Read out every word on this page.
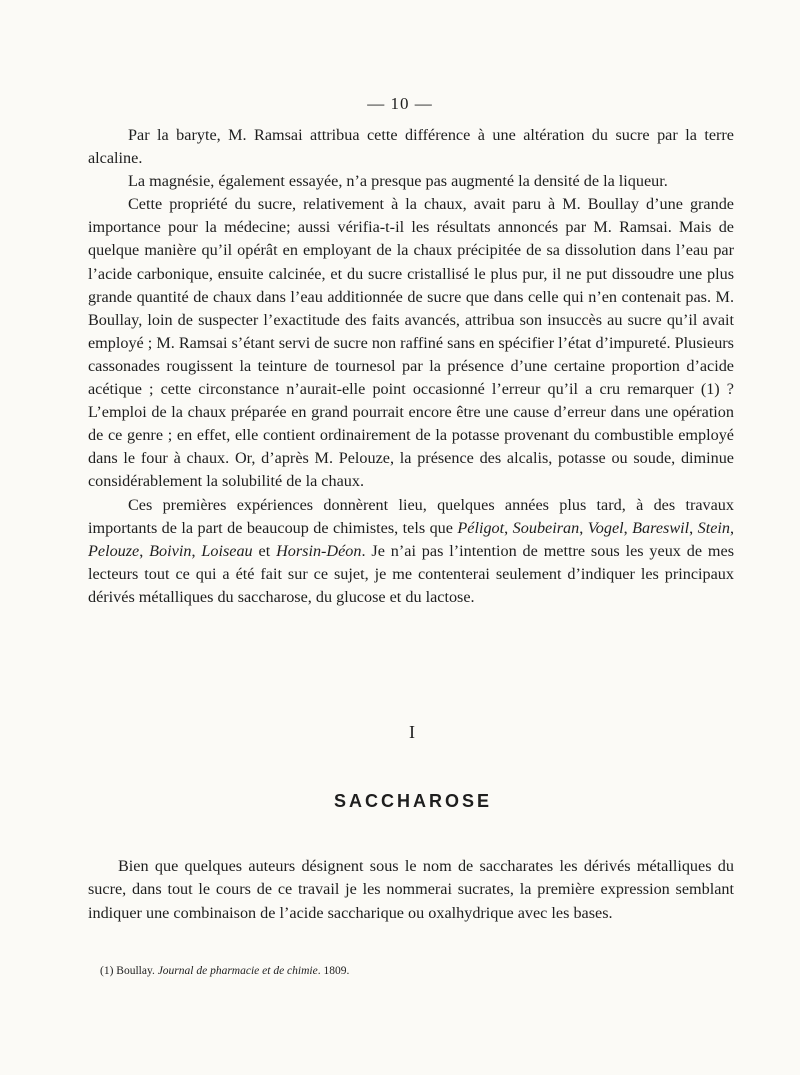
— 10 —

Par la baryte, M. Ramsai attribua cette différence à une altération du sucre par la terre alcaline.

La magnésie, également essayée, n’a presque pas augmenté la densité de la liqueur.

Cette propriété du sucre, relativement à la chaux, avait paru à M. Boullay d’une grande importance pour la médecine; aussi vérifia-t-il les résultats annoncés par M. Ramsai. Mais de quelque manière qu’il opérât en employant de la chaux précipitée de sa dissolution dans l’eau par l’acide carbonique, ensuite calcinée, et du sucre cristallisé le plus pur, il ne put dissoudre une plus grande quantité de chaux dans l’eau additionnée de sucre que dans celle qui n’en contenait pas. M. Boullay, loin de suspecter l’exactitude des faits avancés, attribua son insuccès au sucre qu’il avait employé ; M. Ramsai s’étant servi de sucre non raffiné sans en spécifier l’état d’impureté. Plusieurs cassonades rougissent la teinture de tournesol par la présence d’une certaine proportion d’acide acétique ; cette circonstance n’aurait-elle point occasionné l’erreur qu’il a cru remarquer (1) ? L’emploi de la chaux préparée en grand pourrait encore être une cause d’erreur dans une opération de ce genre ; en effet, elle contient ordinairement de la potasse provenant du combustible employé dans le four à chaux. Or, d’après M. Pelouze, la présence des alcalis, potasse ou soude, diminue considérablement la solubilité de la chaux.

Ces premières expériences donnèrent lieu, quelques années plus tard, à des travaux importants de la part de beaucoup de chimistes, tels que Péligot, Soubeiran, Vogel, Bareswil, Stein, Pelouze, Boivin, Loiseau et Horsin-Déon. Je n’ai pas l’intention de mettre sous les yeux de mes lecteurs tout ce qui a été fait sur ce sujet, je me contenterai seulement d’indiquer les principaux dérivés métalliques du saccharose, du glucose et du lactose.

I
SACCHAROSE

Bien que quelques auteurs désignent sous le nom de saccharates les dérivés métalliques du sucre, dans tout le cours de ce travail je les nommerai sucrates, la première expression semblant indiquer une combinaison de l’acide saccharique ou oxalhydrique avec les bases.

(1) Boullay. Journal de pharmacie et de chimie. 1809.
